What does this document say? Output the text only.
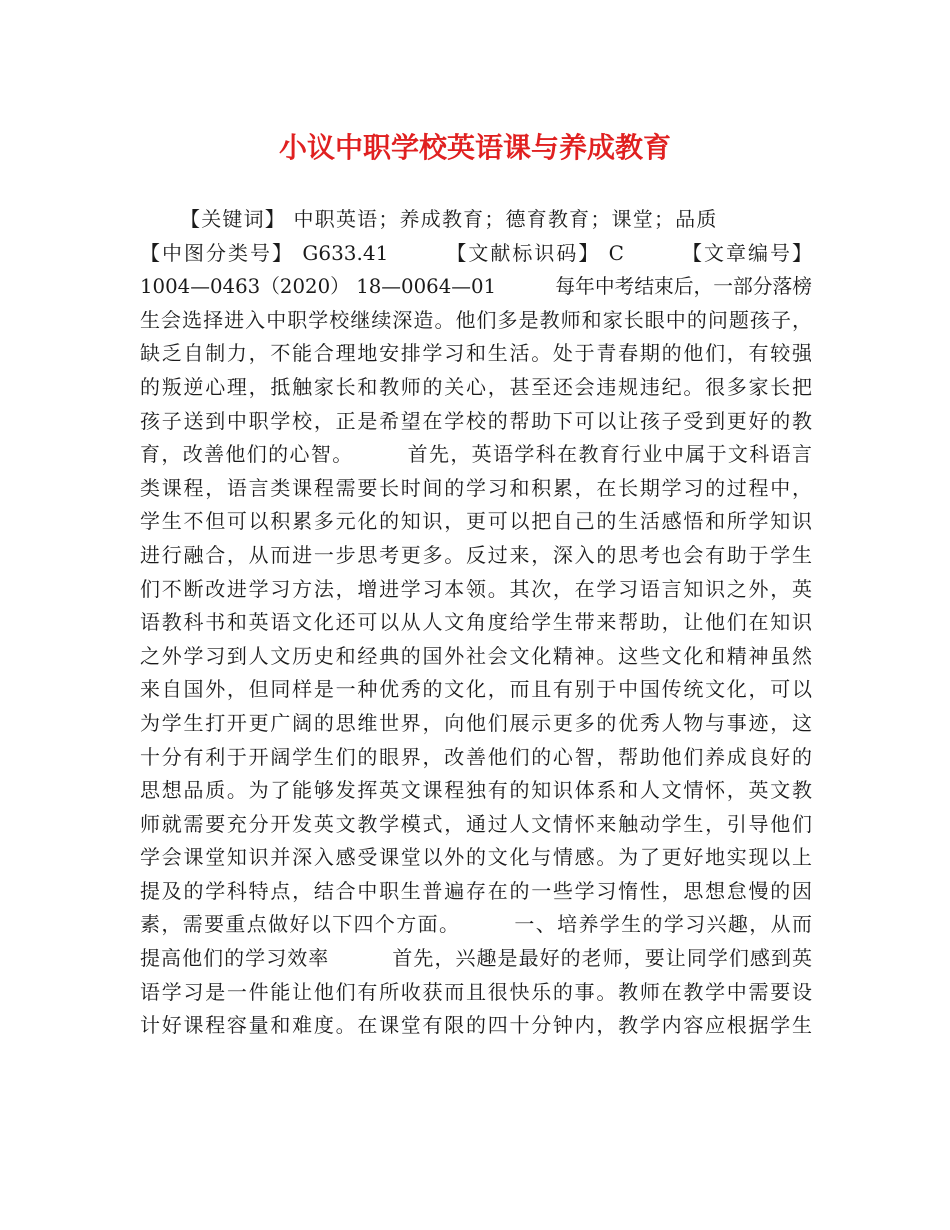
小议中职学校英语课与养成教育
【关键词】 中职英语；养成教育；德育教育；课堂；品质
【中图分类号】 G633.41　　　【文献标识码】 C　　　【文章编号】
1004—0463（2020） 18—0064—01　　　每年中考结束后，一部分落榜
生会选择进入中职学校继续深造。他们多是教师和家长眼中的问题孩子，
缺乏自制力，不能合理地安排学习和生活。处于青春期的他们，有较强
的叛逆心理，抵触家长和教师的关心，甚至还会违规违纪。很多家长把
孩子送到中职学校，正是希望在学校的帮助下可以让孩子受到更好的教
育，改善他们的心智。　　　首先，英语学科在教育行业中属于文科语言
类课程，语言类课程需要长时间的学习和积累，在长期学习的过程中，
学生不但可以积累多元化的知识，更可以把自己的生活感悟和所学知识
进行融合，从而进一步思考更多。反过来，深入的思考也会有助于学生
们不断改进学习方法，增进学习本领。其次，在学习语言知识之外，英
语教科书和英语文化还可以从人文角度给学生带来帮助，让他们在知识
之外学习到人文历史和经典的国外社会文化精神。这些文化和精神虽然
来自国外，但同样是一种优秀的文化，而且有别于中国传统文化，可以
为学生打开更广阔的思维世界，向他们展示更多的优秀人物与事迹，这
十分有利于开阔学生们的眼界，改善他们的心智，帮助他们养成良好的
思想品质。为了能够发挥英文课程独有的知识体系和人文情怀，英文教
师就需要充分开发英文教学模式，通过人文情怀来触动学生，引导他们
学会课堂知识并深入感受课堂以外的文化与情感。为了更好地实现以上
提及的学科特点，结合中职生普遍存在的一些学习惰性，思想怠慢的因
素，需要重点做好以下四个方面。　　　一、培养学生的学习兴趣，从而
提高他们的学习效率　　　首先，兴趣是最好的老师，要让同学们感到英
语学习是一件能让他们有所收获而且很快乐的事。教师在教学中需要设
计好课程容量和难度。在课堂有限的四十分钟内，教学内容应根据学生
